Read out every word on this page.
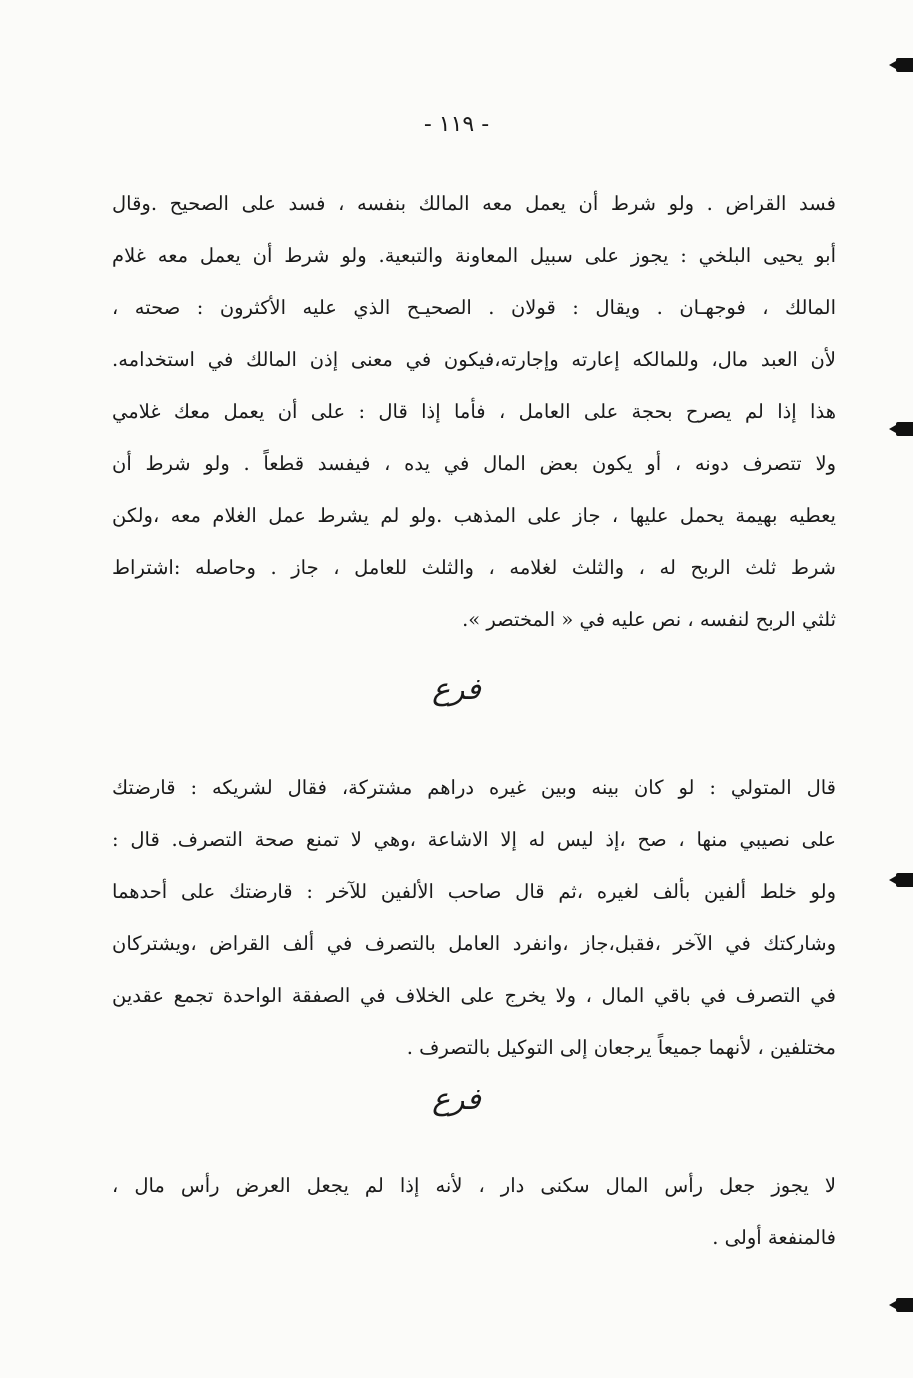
- ١١٩ -
فسد القراض . ولو شرط أن يعمل معه المالك بنفسه ، فسد على الصحيح .وقال
أبو يحيى البلخي : يجوز على سبيل المعاونة والتبعية. ولو شرط أن يعمل معه غلام
المالك ، فوجهـان . ويقال : قولان . الصحيـح الذي عليه الأكثرون : صحته ،
لأن العبد مال، وللمالكه إعارته وإجارته،فيكون في معنى إذن المالك في استخدامه.
هذا إذا لم يصرح بحجة على العامل ، فأما إذا قال : على أن يعمل معك غلامي
ولا تتصرف دونه ، أو يكون بعض المال في يده ، فيفسد قطعاً . ولو شرط أن
يعطيه بهيمة يحمل عليها ، جاز على المذهب .ولو لم يشرط عمل الغلام معه ،ولكن
شرط ثلث الربح له ، والثلث لغلامه ، والثلث للعامل ، جاز . وحاصله :اشتراط
ثلثي الربح لنفسه ، نص عليه في « المختصر ».
فرع
قال المتولي : لو كان بينه وبين غيره دراهم مشتركة، فقال لشريكه : قارضتك
على نصيبي منها ، صح ،إذ ليس له إلا الاشاعة ،وهي لا تمنع صحة التصرف. قال :
ولو خلط ألفين بألف لغيره ،ثم قال صاحب الألفين للآخر : قارضتك على أحدهما
وشاركتك في الآخر ،فقبل،جاز ،وانفرد العامل بالتصرف في ألف القراض ،ويشتركان
في التصرف في باقي المال ، ولا يخرج على الخلاف في الصفقة الواحدة تجمع عقدين
مختلفين ، لأنهما جميعاً يرجعان إلى التوكيل بالتصرف .
فرع
لا يجوز جعل رأس المال سكنى دار ، لأنه إذا لم يجعل العرض رأس مال ،
فالمنفعة أولى .
